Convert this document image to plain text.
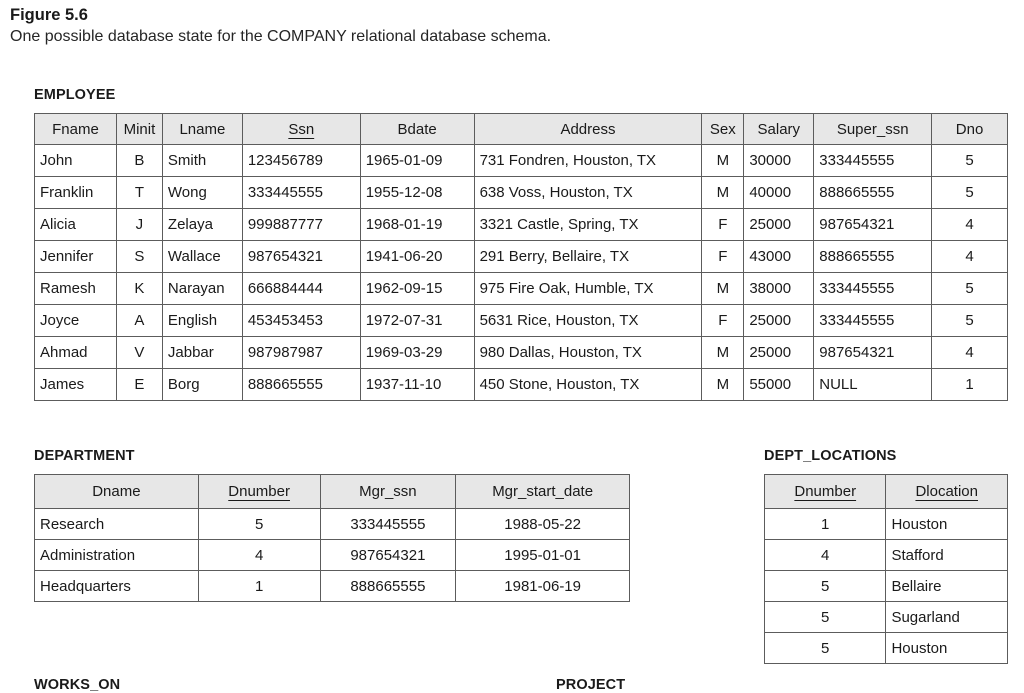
Figure 5.6
One possible database state for the COMPANY relational database schema.
EMPLOYEE
Fname	Minit	Lname	Ssn	Bdate	Address	Sex	Salary	Super_ssn	Dno
John	B	Smith	123456789	1965-01-09	731 Fondren, Houston, TX	M	30000	333445555	5
Franklin	T	Wong	333445555	1955-12-08	638 Voss, Houston, TX	M	40000	888665555	5
Alicia	J	Zelaya	999887777	1968-01-19	3321 Castle, Spring, TX	F	25000	987654321	4
Jennifer	S	Wallace	987654321	1941-06-20	291 Berry, Bellaire, TX	F	43000	888665555	4
Ramesh	K	Narayan	666884444	1962-09-15	975 Fire Oak, Humble, TX	M	38000	333445555	5
Joyce	A	English	453453453	1972-07-31	5631 Rice, Houston, TX	F	25000	333445555	5
Ahmad	V	Jabbar	987987987	1969-03-29	980 Dallas, Houston, TX	M	25000	987654321	4
James	E	Borg	888665555	1937-11-10	450 Stone, Houston, TX	M	55000	NULL	1
DEPARTMENT
Dname	Dnumber	Mgr_ssn	Mgr_start_date
Research	5	333445555	1988-05-22
Administration	4	987654321	1995-01-01
Headquarters	1	888665555	1981-06-19
DEPT_LOCATIONS
Dnumber	Dlocation
1	Houston
4	Stafford
5	Bellaire
5	Sugarland
5	Houston
WORKS_ON	PROJECT
